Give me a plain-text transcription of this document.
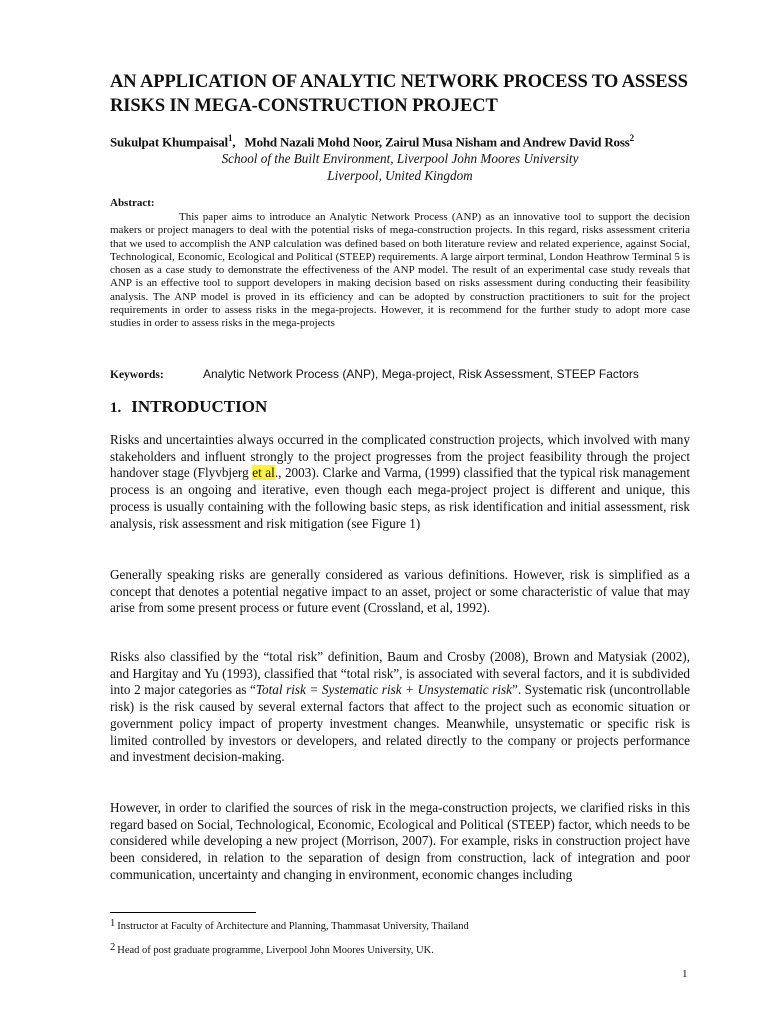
AN APPLICATION OF ANALYTIC NETWORK PROCESS TO ASSESS RISKS IN MEGA-CONSTRUCTION PROJECT
Sukulpat Khumpaisal$^1$, Mohd Nazali Mohd Noor, Zairul Musa Nisham and Andrew David Ross$^2$
School of the Built Environment, Liverpool John Moores University
Liverpool, United Kingdom
Abstract:
This paper aims to introduce an Analytic Network Process (ANP) as an innovative tool to support the decision makers or project managers to deal with the potential risks of mega-construction projects. In this regard, risks assessment criteria that we used to accomplish the ANP calculation was defined based on both literature review and related experience, against Social, Technological, Economic, Ecological and Political (STEEP) requirements. A large airport terminal, London Heathrow Terminal 5 is chosen as a case study to demonstrate the effectiveness of the ANP model. The result of an experimental case study reveals that ANP is an effective tool to support developers in making decision based on risks assessment during conducting their feasibility analysis. The ANP model is proved in its efficiency and can be adopted by construction practitioners to suit for the project requirements in order to assess risks in the mega-projects. However, it is recommend for the further study to adopt more case studies in order to assess risks in the mega-projects
Keywords:	Analytic Network Process (ANP), Mega-project, Risk Assessment, STEEP Factors
1. INTRODUCTION
Risks and uncertainties always occurred in the complicated construction projects, which involved with many stakeholders and influent strongly to the project progresses from the project feasibility through the project handover stage (Flyvbjerg et al., 2003). Clarke and Varma, (1999) classified that the typical risk management process is an ongoing and iterative, even though each mega-project project is different and unique, this process is usually containing with the following basic steps, as risk identification and initial assessment, risk analysis, risk assessment and risk mitigation (see Figure 1)
Generally speaking risks are generally considered as various definitions. However, risk is simplified as a concept that denotes a potential negative impact to an asset, project or some characteristic of value that may arise from some present process or future event (Crossland, et al, 1992).
Risks also classified by the “total risk” definition, Baum and Crosby (2008), Brown and Matysiak (2002), and Hargitay and Yu (1993), classified that “total risk”, is associated with several factors, and it is subdivided into 2 major categories as “Total risk = Systematic risk + Unsystematic risk”. Systematic risk (uncontrollable risk) is the risk caused by several external factors that affect to the project such as economic situation or government policy impact of property investment changes. Meanwhile, unsystematic or specific risk is limited controlled by investors or developers, and related directly to the company or projects performance and investment decision-making.
However, in order to clarified the sources of risk in the mega-construction projects, we clarified risks in this regard based on Social, Technological, Economic, Ecological and Political (STEEP) factor, which needs to be considered while developing a new project (Morrison, 2007). For example, risks in construction project have been considered, in relation to the separation of design from construction, lack of integration and poor communication, uncertainty and changing in environment, economic changes including
$^1$ Instructor at Faculty of Architecture and Planning, Thammasat University, Thailand
$^2$ Head of post graduate programme, Liverpool John Moores University, UK.
1
